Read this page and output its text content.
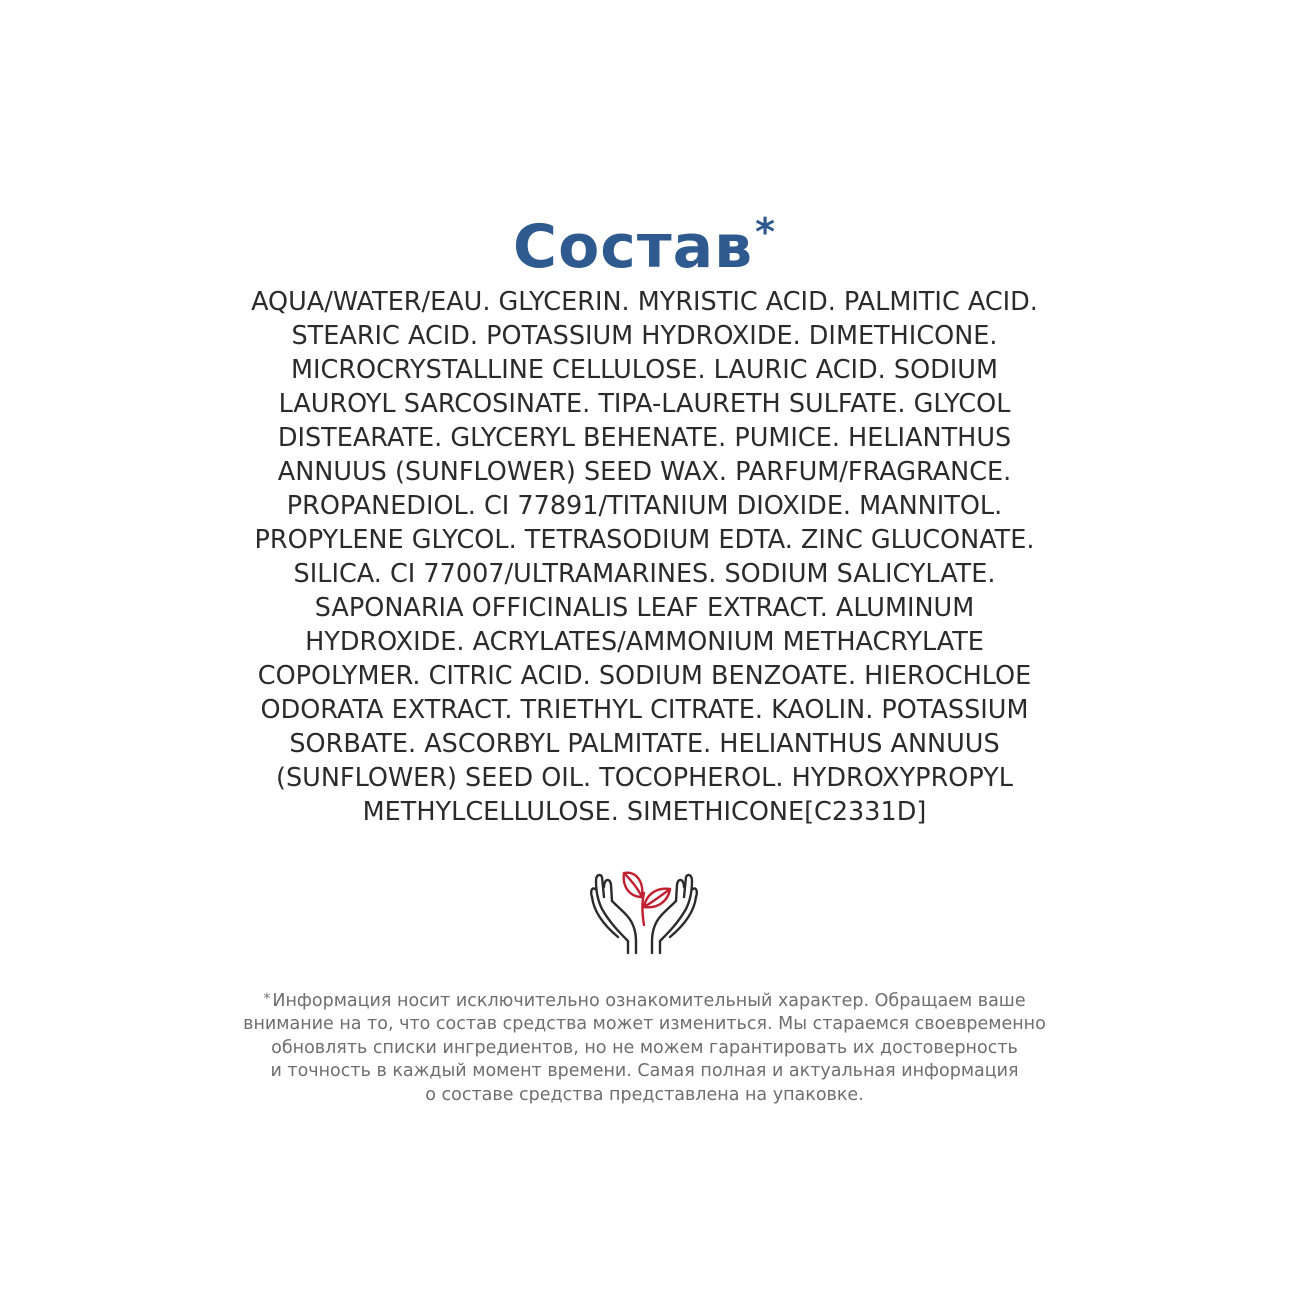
Состав*
AQUA/WATER/EAU. GLYCERIN. MYRISTIC ACID. PALMITIC ACID.
STEARIC ACID. POTASSIUM HYDROXIDE. DIMETHICONE.
MICROCRYSTALLINE CELLULOSE. LAURIC ACID. SODIUM
LAUROYL SARCOSINATE. TIPA-LAURETH SULFATE. GLYCOL
DISTEARATE. GLYCERYL BEHENATE. PUMICE. HELIANTHUS
ANNUUS (SUNFLOWER) SEED WAX. PARFUM/FRAGRANCE.
PROPANEDIOL. CI 77891/TITANIUM DIOXIDE. MANNITOL.
PROPYLENE GLYCOL. TETRASODIUM EDTA. ZINC GLUCONATE.
SILICA. CI 77007/ULTRAMARINES. SODIUM SALICYLATE.
SAPONARIA OFFICINALIS LEAF EXTRACT. ALUMINUM
HYDROXIDE. ACRYLATES/AMMONIUM METHACRYLATE
COPOLYMER. CITRIC ACID. SODIUM BENZOATE. HIEROCHLOE
ODORATA EXTRACT. TRIETHYL CITRATE. KAOLIN. POTASSIUM
SORBATE. ASCORBYL PALMITATE. HELIANTHUS ANNUUS
(SUNFLOWER) SEED OIL. TOCOPHEROL. HYDROXYPROPYL
METHYLCELLULOSE. SIMETHICONE[C2331D]
* Информация носит исключительно ознакомительный характер. Обращаем ваше
внимание на то, что состав средства может измениться. Мы стараемся своевременно
обновлять списки ингредиентов, но не можем гарантировать их достоверность
и точность в каждый момент времени. Самая полная и актуальная информация
о составе средства представлена на упаковке.
